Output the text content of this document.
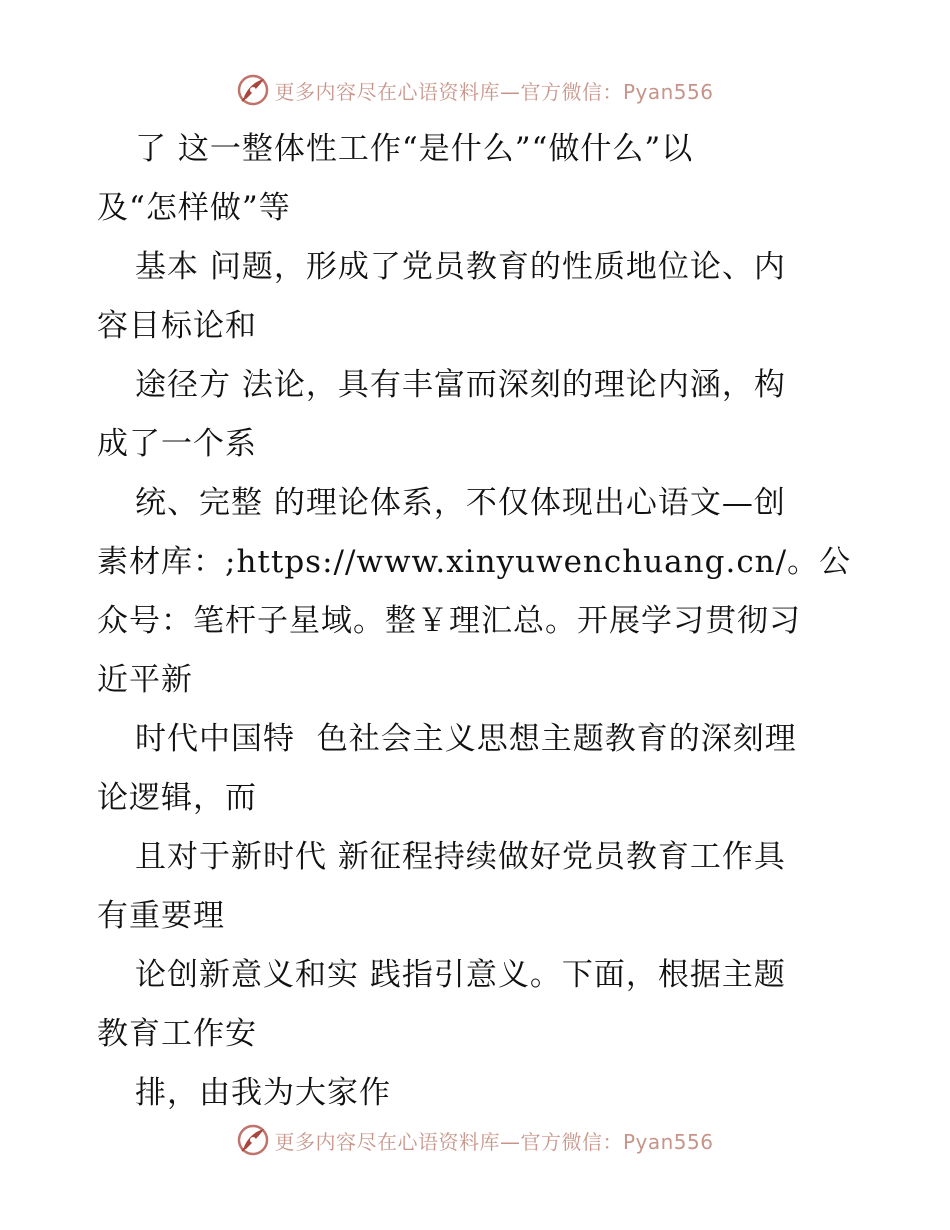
更多内容尽在心语资料库—官方微信：Pyan556
了 这一整体性工作“是什么”“做什么”以
及“怎样做”等
基本 问题，形成了党员教育的性质地位论、内
容目标论和
途径方 法论，具有丰富而深刻的理论内涵，构
成了一个系
统、完整 的理论体系，不仅体现出心语文—创
素材库：;https://www.xinyuwenchuang.cn/。公
众号：笔杆子星域。整￥理汇总。开展学习贯彻习
近平新
时代中国特  色社会主义思想主题教育的深刻理
论逻辑，而
且对于新时代 新征程持续做好党员教育工作具
有重要理
论创新意义和实 践指引意义。下面，根据主题
教育工作安
排，由我为大家作
更多内容尽在心语资料库—官方微信：Pyan556
